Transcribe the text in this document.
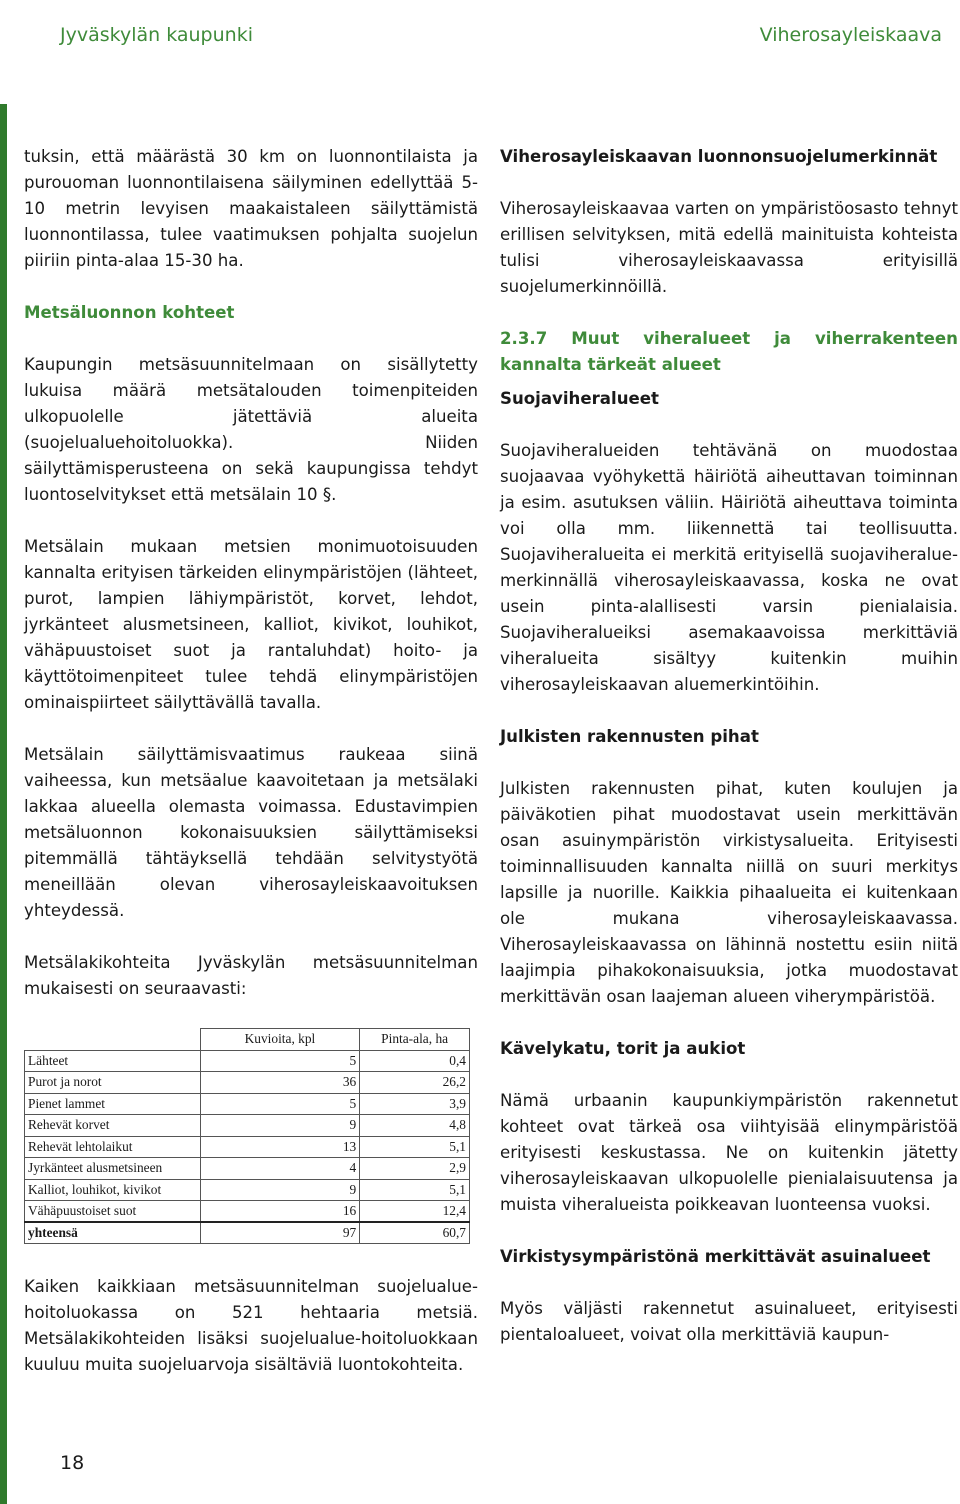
Jyväskylän kaupunki	Viherosayleiskaava

tuksin, että määrästä 30 km on luonnontilaista ja purouoman luonnontilaisena säilyminen edellyttää 5-10 metrin levyisen maakaistaleen säilyttämistä luonnontilassa, tulee vaatimuksen pohjalta suojelun piiriin pinta-alaa 15-30 ha.

Metsäluonnon kohteet

Kaupungin metsäsuunnitelmaan on sisällytetty lukuisa määrä metsätalouden toimenpiteiden ulkopuolelle jätettäviä alueita (suojelualuehoitoluokka). Niiden säilyttämisperusteena on sekä kaupungissa tehdyt luontoselvitykset että metsälain 10 §.

Metsälain mukaan metsien monimuotoisuuden kannalta erityisen tärkeiden elinympäristöjen (lähteet, purot, lampien lähiympäristöt, korvet, lehdot, jyrkänteet alusmetsineen, kalliot, kivikot, louhikot, vähäpuustoiset suot ja rantaluhdat) hoito- ja käyttötoimenpiteet tulee tehdä elinympäristöjen ominaispiirteet säilyttävällä tavalla.

Metsälain säilyttämisvaatimus raukeaa siinä vaiheessa, kun metsäalue kaavoitetaan ja metsälaki lakkaa alueella olemasta voimassa. Edustavimpien metsäluonnon kokonaisuuksien säilyttämiseksi pitemmällä tähtäyksellä tehdään selvitystyötä meneillään olevan viherosayleiskaavoituksen yhteydessä.

Metsälakikohteita Jyväskylän metsäsuunnitelman mukaisesti on seuraavasti:

	Kuvioita, kpl	Pinta-ala, ha
Lähteet	5	0,4
Purot ja norot	36	26,2
Pienet lammet	5	3,9
Rehevät korvet	9	4,8
Rehevät lehtolaikut	13	5,1
Jyrkänteet alusmetsineen	4	2,9
Kalliot, louhikot, kivikot	9	5,1
Vähäpuustoiset suot	16	12,4
yhteensä	97	60,7

Kaiken kaikkiaan metsäsuunnitelman suojelualue-hoitoluokassa on 521 hehtaaria metsiä. Metsälakikohteiden lisäksi suojelualue-hoitoluokkaan kuuluu muita suojeluarvoja sisältäviä luontokohteita.

Viherosayleiskaavan luonnonsuojelumerkinnät

Viherosayleiskaavaa varten on ympäristöosasto tehnyt erillisen selvityksen, mitä edellä mainituista kohteista tulisi viherosayleiskaavassa erityisillä suojelumerkinnöillä.

2.3.7 Muut viheralueet ja viherrakenteen kannalta tärkeät alueet
Suojaviheralueet

Suojaviheralueiden tehtävänä on muodostaa suojaavaa vyöhykettä häiriötä aiheuttavan toiminnan ja esim. asutuksen väliin. Häiriötä aiheuttava toiminta voi olla mm. liikennettä tai teollisuutta. Suojaviheralueita ei merkitä erityisellä suojaviheralue-merkinnällä viherosayleiskaavassa, koska ne ovat usein pinta-alallisesti varsin pienialaisia. Suojaviheralueiksi asemakaavoissa merkittäviä viheralueita sisältyy kuitenkin muihin viherosayleiskaavan aluemerkintöihin.

Julkisten rakennusten pihat

Julkisten rakennusten pihat, kuten koulujen ja päiväkotien pihat muodostavat usein merkittävän osan asuinympäristön virkistysalueita. Erityisesti toiminnallisuuden kannalta niillä on suuri merkitys lapsille ja nuorille. Kaikkia pihaalueita ei kuitenkaan ole mukana viherosayleiskaavassa. Viherosayleiskaavassa on lähinnä nostettu esiin niitä laajimpia pihakokonaisuuksia, jotka muodostavat merkittävän osan laajeman alueen viherympäristöä.

Kävelykatu, torit ja aukiot

Nämä urbaanin kaupunkiympäristön rakennetut kohteet ovat tärkeä osa viihtyisää elinympäristöä erityisesti keskustassa. Ne on kuitenkin jätetty viherosayleiskaavan ulkopuolelle pienialaisuutensa ja muista viheralueista poikkeavan luonteensa vuoksi.

Virkistysympäristönä merkittävät asuinalueet

Myös väljästi rakennetut asuinalueet, erityisesti pientaloalueet, voivat olla merkittäviä kaupun-

18
